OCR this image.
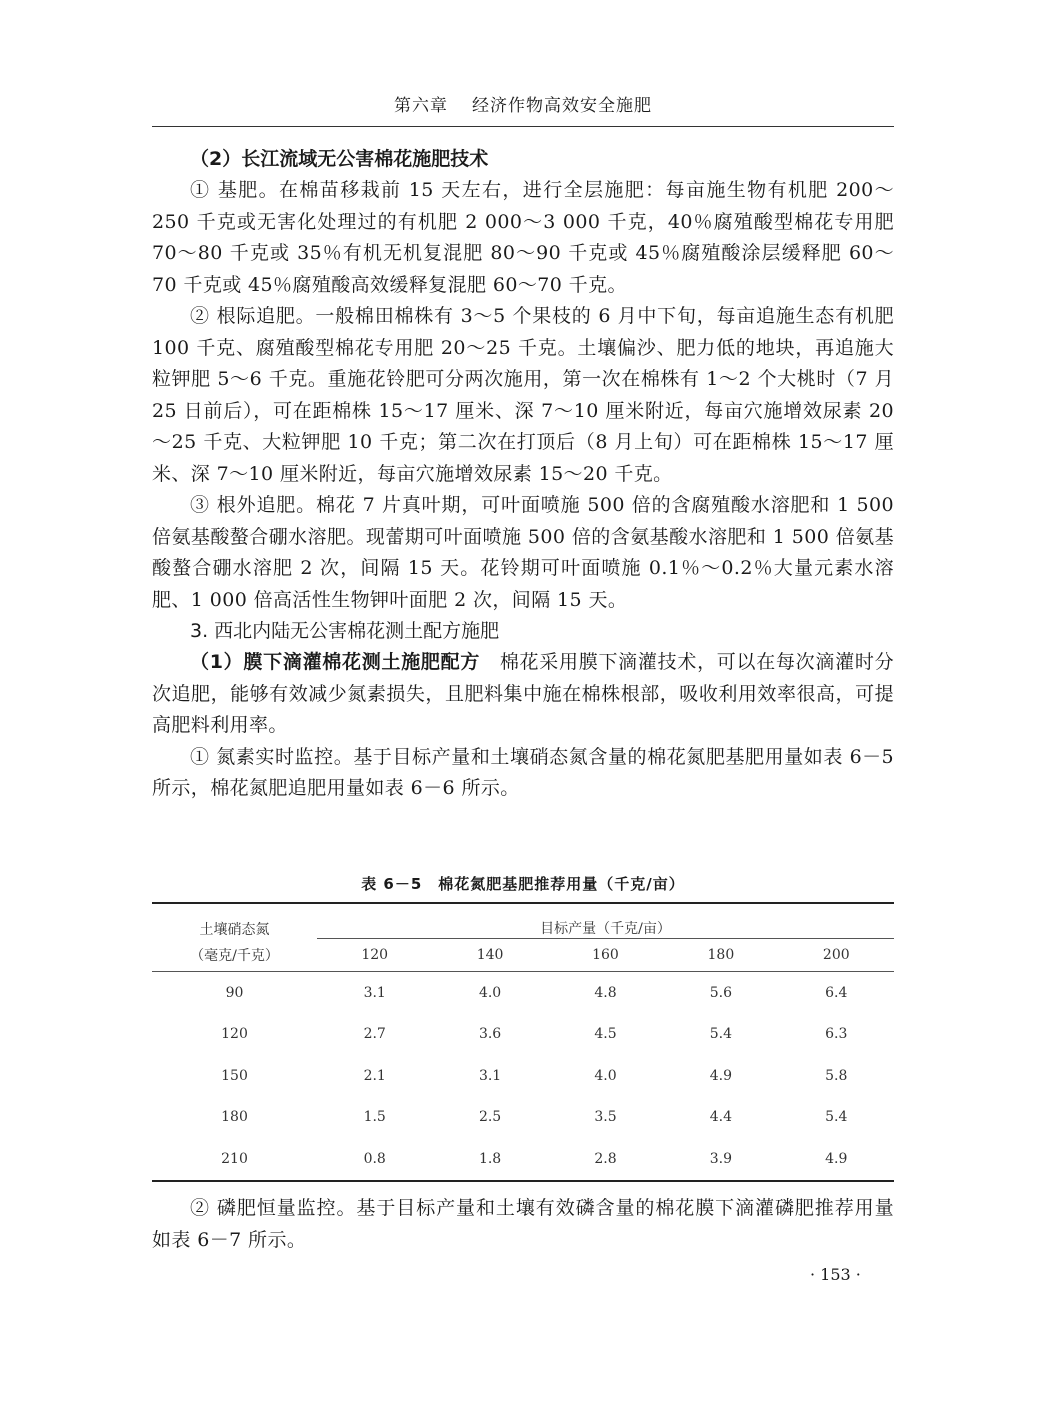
第六章 经济作物高效安全施肥
（2）长江流域无公害棉花施肥技术

① 基肥。在棉苗移栽前 15 天左右，进行全层施肥：每亩施生物有机肥 200～250 千克或无害化处理过的有机肥 2 000～3 000 千克，40％腐殖酸型棉花专用肥 70～80 千克或 35％有机无机复混肥 80～90 千克或 45％腐殖酸涂层缓释肥 60～70 千克或 45％腐殖酸高效缓释复混肥 60～70 千克。

② 根际追肥。一般棉田棉株有 3～5 个果枝的 6 月中下旬，每亩追施生态有机肥 100 千克、腐殖酸型棉花专用肥 20～25 千克。土壤偏沙、肥力低的地块，再追施大粒钾肥 5～6 千克。重施花铃肥可分两次施用，第一次在棉株有 1～2 个大桃时（7 月 25 日前后），可在距棉株 15～17 厘米、深 7～10 厘米附近，每亩穴施增效尿素 20～25 千克、大粒钾肥 10 千克；第二次在打顶后（8 月上旬）可在距棉株 15～17 厘米、深 7～10 厘米附近，每亩穴施增效尿素 15～20 千克。

③ 根外追肥。棉花 7 片真叶期，可叶面喷施 500 倍的含腐殖酸水溶肥和 1 500 倍氨基酸螯合硼水溶肥。现蕾期可叶面喷施 500 倍的含氨基酸水溶肥和 1 500 倍氨基酸螯合硼水溶肥 2 次，间隔 15 天。花铃期可叶面喷施 0.1％～0.2％大量元素水溶肥、1 000 倍高活性生物钾叶面肥 2 次，间隔 15 天。

3. 西北内陆无公害棉花测土配方施肥

（1）膜下滴灌棉花测土施肥配方　棉花采用膜下滴灌技术，可以在每次滴灌时分次追肥，能够有效减少氮素损失，且肥料集中施在棉株根部，吸收利用效率很高，可提高肥料利用率。

① 氮素实时监控。基于目标产量和土壤硝态氮含量的棉花氮肥基肥用量如表 6－5 所示，棉花氮肥追肥用量如表 6－6 所示。

表 6－5　棉花氮肥基肥推荐用量（千克/亩）
土壤硝态氮	目标产量（千克/亩）				
（毫克/千克）	120	140	160	180	200
90	3.1	4.0	4.8	5.6	6.4
120	2.7	3.6	4.5	5.4	6.3
150	2.1	3.1	4.0	4.9	5.8
180	1.5	2.5	3.5	4.4	5.4
210	0.8	1.8	2.8	3.9	4.9

② 磷肥恒量监控。基于目标产量和土壤有效磷含量的棉花膜下滴灌磷肥推荐用量如表 6－7 所示。

· 153 ·
